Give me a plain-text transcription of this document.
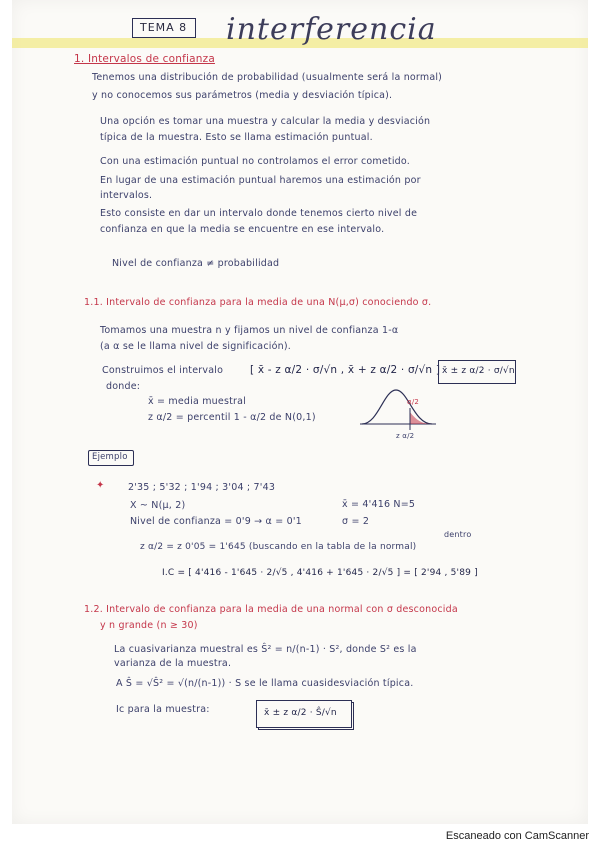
TEMA 8 interferencia
1. Intervalos de confianza
Tenemos una distribución de probabilidad (usualmente será la normal)
y no conocemos sus parámetros (media y desviación típica).
Una opción es tomar una muestra y calcular la media y desviación
típica de la muestra. Esto se llama estimación puntual.
Con una estimación puntual no controlamos el error cometido.
En lugar de una estimación puntual haremos una estimación por
intervalos.
Esto consiste en dar un intervalo donde tenemos cierto nivel de
confianza en que la media se encuentre en ese intervalo.
Nivel de confianza ≠ probabilidad
1.1. Intervalo de confianza para la media de una N(μ,σ) conociendo σ.
Tomamos una muestra n y fijamos un nivel de confianza 1-α
(a α se le llama nivel de significación).
Construimos el intervalo	[ x̄ - z α/2 · σ/√n , x̄ + z α/2 · σ/√n ] x̄ ± z α/2 · σ/√n
donde:
x̄ = media muestral
z α/2 = percentil 1 - α/2 de N(0,1)
α/2
z α/2
Ejemplo
✦ 2'35 ; 5'32 ; 1'94 ; 3'04 ; 7'43
X ~ N(μ, 2)	x̄ = 4'416 N=5
Nivel de confianza = 0'9 → α = 0'1	σ = 2
dentro
z α/2 = z 0'05 = 1'645 (buscando en la tabla de la normal)
I.C = [ 4'416 - 1'645 · 2/√5 , 4'416 + 1'645 · 2/√5 ] = [ 2'94 , 5'89 ]
1.2. Intervalo de confianza para la media de una normal con σ desconocida
y n grande (n ≥ 30)
La cuasivarianza muestral es Ŝ² = n/(n-1) · S², donde S² es la
varianza de la muestra.
A Ŝ = √Ŝ² = √(n/(n-1)) · S se le llama cuasidesviación típica.
Ic para la muestra:	x̄ ± z α/2 · Ŝ/√n
Escaneado con CamScanner
